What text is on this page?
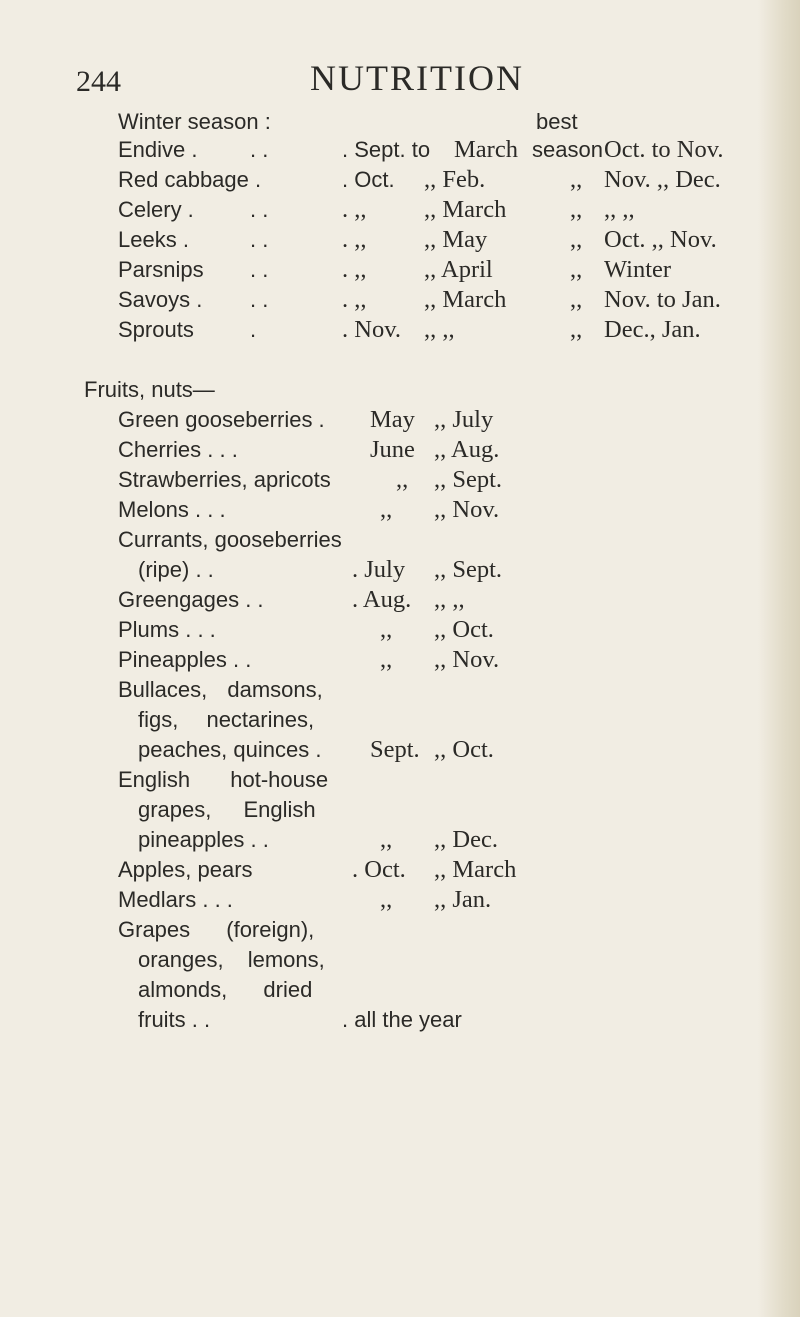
244	NUTRITION
Winter season :	best
Endive . . .	. Sept. to March season Oct. to Nov.
Red cabbage .	. Oct. ,, Feb.	,, Nov. ,, Dec.
Celery .	. .	. ,, ,, March	,, ,, ,,
Leeks .	. .	. ,, ,, May	,, Oct. ,, Nov.
Parsnips . .	. ,, ,, April	,, Winter
Savoys . . .	. ,, ,, March	,, Nov. to Jan.
Sprouts	.	. Nov. ,, ,,	,, Dec., Jan.
Fruits, nuts—
Green gooseberries . May ,, July
Cherries . . .	June ,, Aug.
Strawberries, apricots	,, ,, Sept.
Melons . . .	,, ,, Nov.
Currants, gooseberries
(ripe) . .	. July ,, Sept.
Greengages . .	. Aug. ,, ,,
Plums . . .	,, ,, Oct.
Pineapples . .	,, ,, Nov.
Bullaces, damsons,
figs, nectarines,
peaches, quinces . Sept. ,, Oct.
English hot-house
grapes, English
pineapples . .	,, ,, Dec.
Apples, pears	. Oct. ,, March
Medlars . . .	,, ,, Jan.
Grapes (foreign),
oranges, lemons,
almonds, dried
fruits . .	. all the year
